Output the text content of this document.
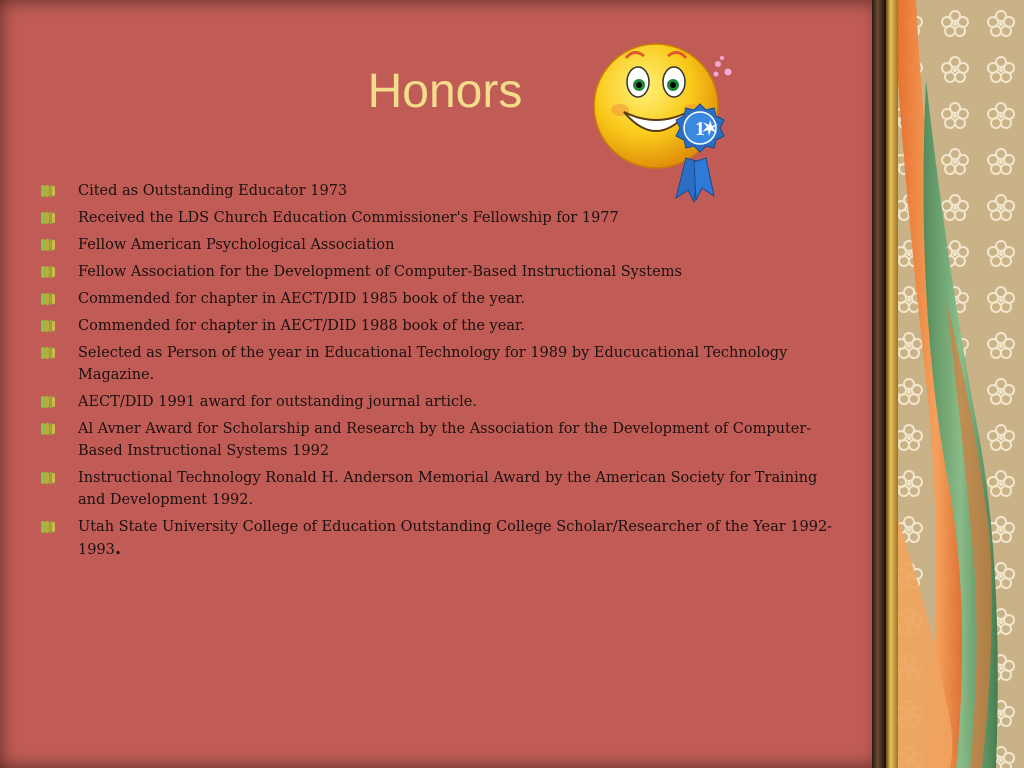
Honors
Cited as Outstanding Educator 1973
Received the LDS Church Education Commissioner's Fellowship for 1977
Fellow American Psychological Association
Fellow Association for the Development of Computer-Based Instructional Systems
Commended for chapter in AECT/DID 1985 book of the year.
Commended for chapter in AECT/DID 1988 book of the year.
Selected as Person of the year in Educational Technology for 1989 by Educucational Technology Magazine.
AECT/DID 1991 award for outstanding journal article.
Al Avner Award for Scholarship and Research by the Association for the Development of Computer-Based Instructional Systems 1992
Instructional Technology Ronald H. Anderson Memorial Award by the American Society for Training and Development 1992.
Utah State University College of Education Outstanding College Scholar/Researcher of the Year 1992-1993.
1
